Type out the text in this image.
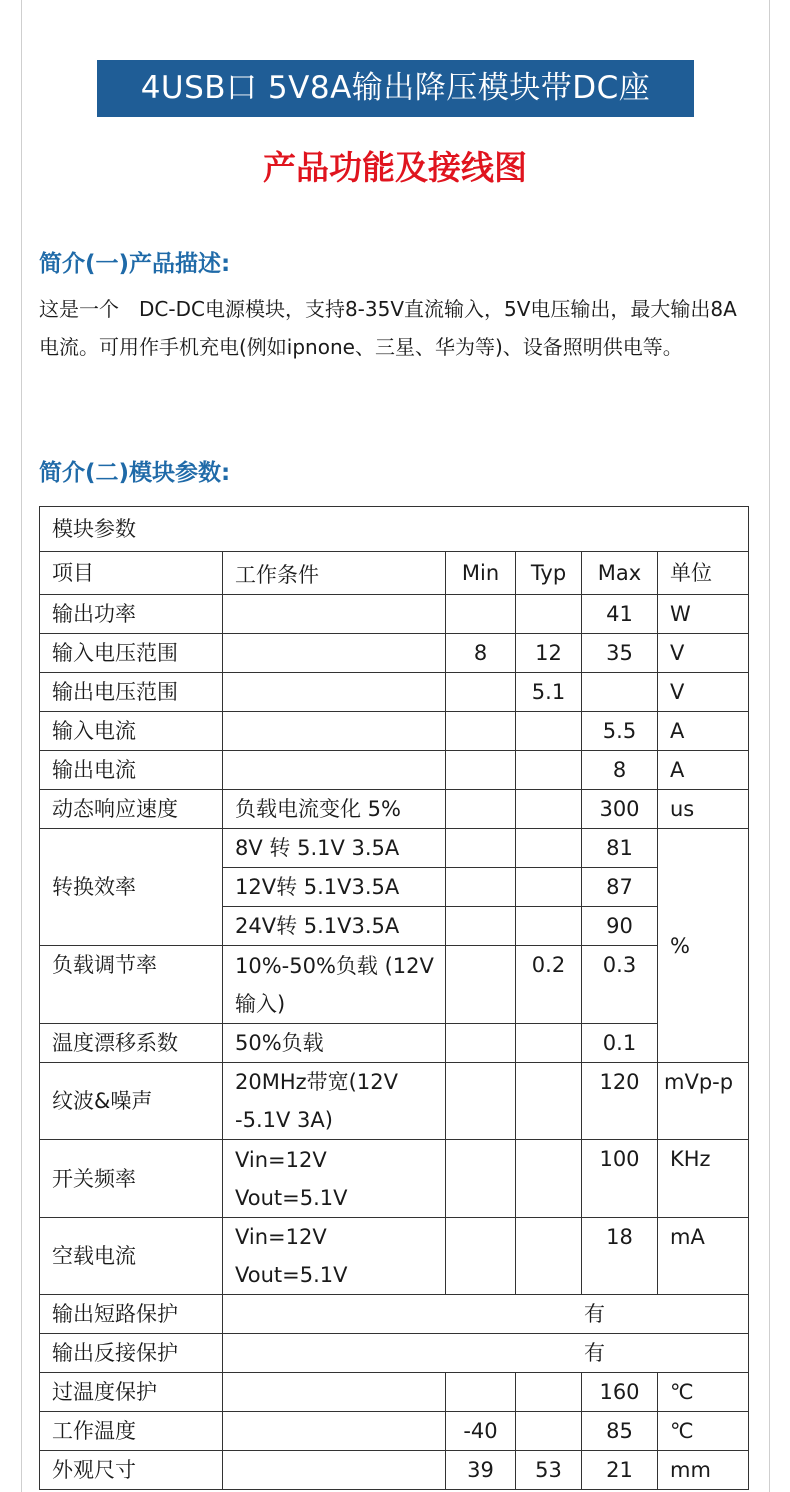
4USB口 5V8A输出降压模块带DC座
产品功能及接线图
简介(一)产品描述:
这是一个　DC-DC电源模块，支持8-35V直流输入，5V电压输出，最大输出8A电流。可用作手机充电(例如ipnone、三星、华为等)、设备照明供电等。
简介(二)模块参数:
模块参数						
项目	工作条件	Min	Typ	Max	单位	
输出功率				41	W	
输入电压范围		8	12	35	V	
输出电压范围			5.1		V	
输入电流				5.5	A	
输出电流				8	A	
动态响应速度	负载电流变化 5%			300	us	
转换效率	8V 转 5.1V 3.5A			81	%	
	12V转 5.1V3.5A			87		
	24V转 5.1V3.5A			90		
负载调节率	10%-50%负载 (12V输入)		0.2	0.3		
温度漂移系数	50%负载			0.1	
纹波&噪声	20MHz带宽(12V -5.1V 3A)			120	mVp-p	
开关频率	Vin=12V Vout=5.1V			100	KHz	
空载电流	Vin=12V Vout=5.1V			18	mA	
输出短路保护	有					
输出反接保护	有					
过温度保护				160	℃	
工作温度		-40		85	℃	
外观尺寸		39	53	21	mm	
